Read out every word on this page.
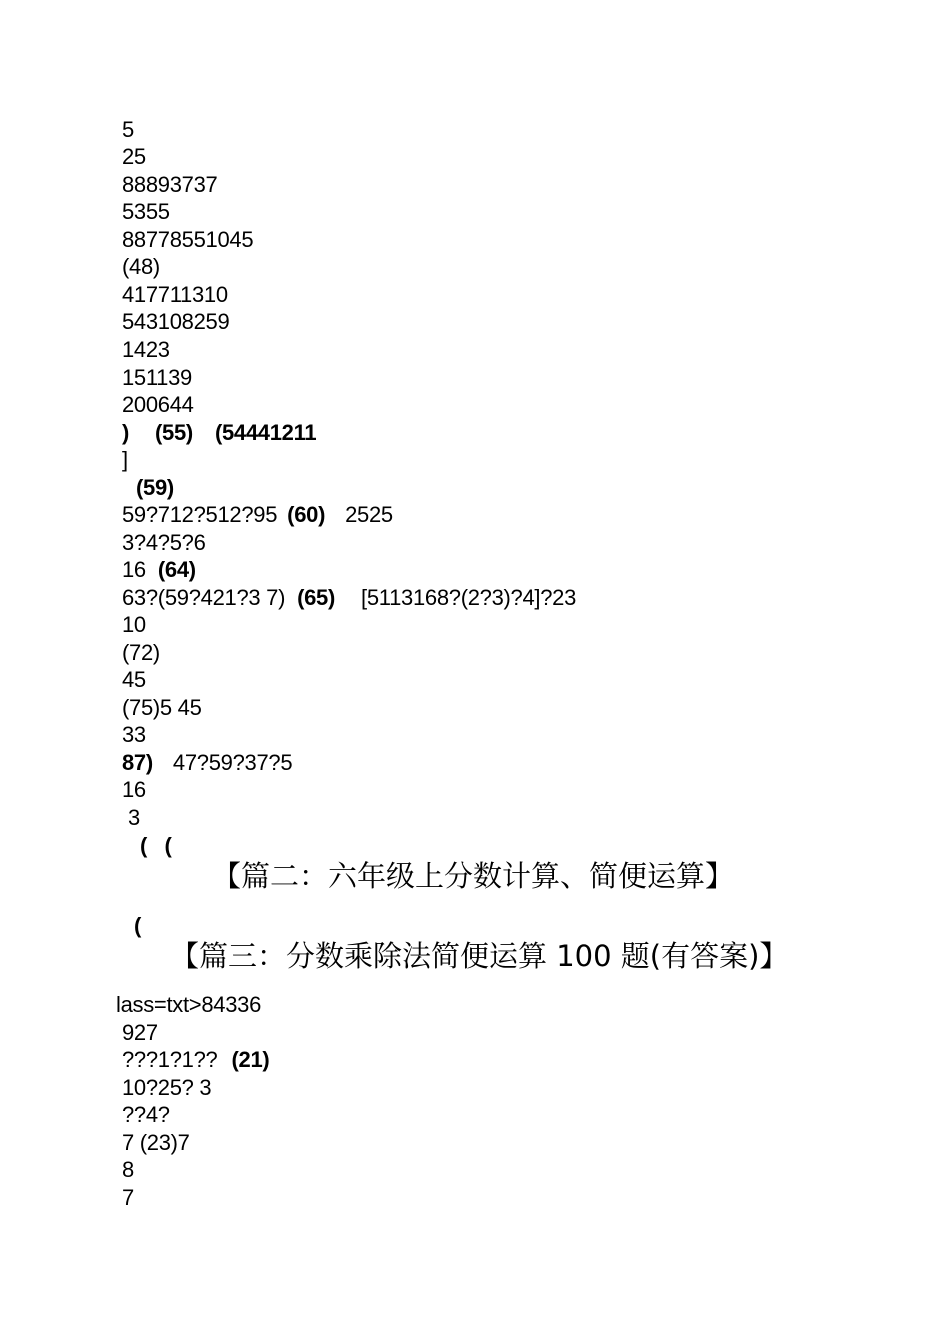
5
25
88893737
5355
88778551045
(48)
417711310
543108259
1423
151139
200644
) (55) (54441211
]
(59)
59?712?512?95 (60) 2525
3?4?5?6
16 (64)
63?(59?421?3 7) (65) [5113168?(2?3)?4]?23
10
(72)
45
(75)5 45
33
87) 47?59?37?5
16
3
(   (
【篇二：六年级上分数计算、简便运算】
(
【篇三：分数乘除法简便运算 100 题(有答案)】
lass=txt>84336
927
???1?1?? (21)
10?25? 3
??4?
7 (23)7
8
7
